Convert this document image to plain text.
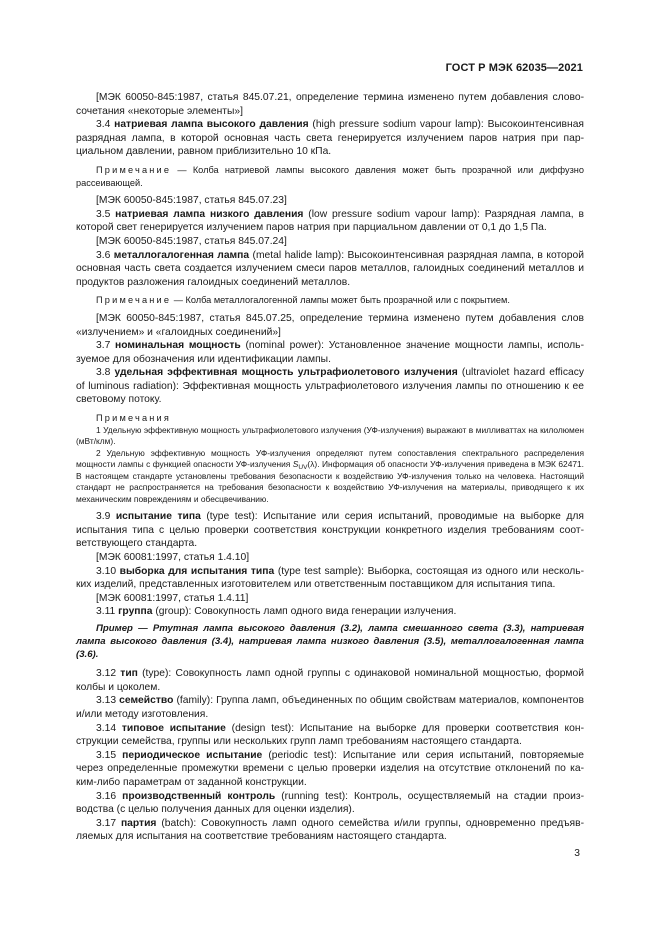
ГОСТ Р МЭК 62035—2021

[МЭК 60050-845:1987, статья 845.07.21, определение термина изменено путем добавления словосочетания «некоторые элементы»]

3.4 натриевая лампа высокого давления (high pressure sodium vapour lamp): Высокоинтенсивная разрядная лампа, в которой основная часть света генерируется излучением паров натрия при парциальном давлении, равном приблизительно 10 кПа.

Примечание — Колба натриевой лампы высокого давления может быть прозрачной или диффузно рассеивающей.

[МЭК 60050-845:1987, статья 845.07.23]

3.5 натриевая лампа низкого давления (low pressure sodium vapour lamp): Разрядная лампа, в которой свет генерируется излучением паров натрия при парциальном давлении от 0,1 до 1,5 Па.

[МЭК 60050-845:1987, статья 845.07.24]

3.6 металлогалогенная лампа (metal halide lamp): Высокоинтенсивная разрядная лампа, в которой основная часть света создается излучением смеси паров металлов, галоидных соединений металлов и продуктов разложения галоидных соединений металлов.

Примечание — Колба металлогалогенной лампы может быть прозрачной или с покрытием.

[МЭК 60050-845:1987, статья 845.07.25, определение термина изменено путем добавления слов «излучением» и «галоидных соединений»]

3.7 номинальная мощность (nominal power): Установленное значение мощности лампы, используемое для обозначения или идентификации лампы.

3.8 удельная эффективная мощность ультрафиолетового излучения (ultraviolet hazard efficacy of luminous radiation): Эффективная мощность ультрафиолетового излучения лампы по отношению к ее световому потоку.

Примечания

1 Удельную эффективную мощность ультрафиолетового излучения (УФ-излучения) выражают в милливаттах на килолюмен (мВт/клм).

2 Удельную эффективную мощность УФ-излучения определяют путем сопоставления спектрального распределения мощности лампы с функцией опасности УФ-излучения $S_{UV}(\lambda)$. Информация об опасности УФ-излучения приведена в МЭК 62471. В настоящем стандарте установлены требования безопасности к воздействию УФ-излучения только на человека. Настоящий стандарт не распространяется на требования безопасности к воздействию УФ-излучения на материалы, приводящего к их механическим повреждениям и обесцвечиванию.

3.9 испытание типа (type test): Испытание или серия испытаний, проводимые на выборке для испытания типа с целью проверки соответствия конструкции конкретного изделия требованиям соответствующего стандарта.

[МЭК 60081:1997, статья 1.4.10]

3.10 выборка для испытания типа (type test sample): Выборка, состоящая из одного или нескольких изделий, представленных изготовителем или ответственным поставщиком для испытания типа.

[МЭК 60081:1997, статья 1.4.11]

3.11 группа (group): Совокупность ламп одного вида генерации излучения.

Пример — Ртутная лампа высокого давления (3.2), лампа смешанного света (3.3), натриевая лампа высокого давления (3.4), натриевая лампа низкого давления (3.5), металлогалогенная лампа (3.6).

3.12 тип (type): Совокупность ламп одной группы с одинаковой номинальной мощностью, формой колбы и цоколем.

3.13 семейство (family): Группа ламп, объединенных по общим свойствам материалов, компонентов и/или методу изготовления.

3.14 типовое испытание (design test): Испытание на выборке для проверки соответствия конструкции семейства, группы или нескольких групп ламп требованиям настоящего стандарта.

3.15 периодическое испытание (periodic test): Испытание или серия испытаний, повторяемые через определенные промежутки времени с целью проверки изделия на отсутствие отклонений по каким-либо параметрам от заданной конструкции.

3.16 производственный контроль (running test): Контроль, осуществляемый на стадии производства (с целью получения данных для оценки изделия).

3.17 партия (batch): Совокупность ламп одного семейства и/или группы, одновременно предъявляемых для испытания на соответствие требованиям настоящего стандарта.

3
